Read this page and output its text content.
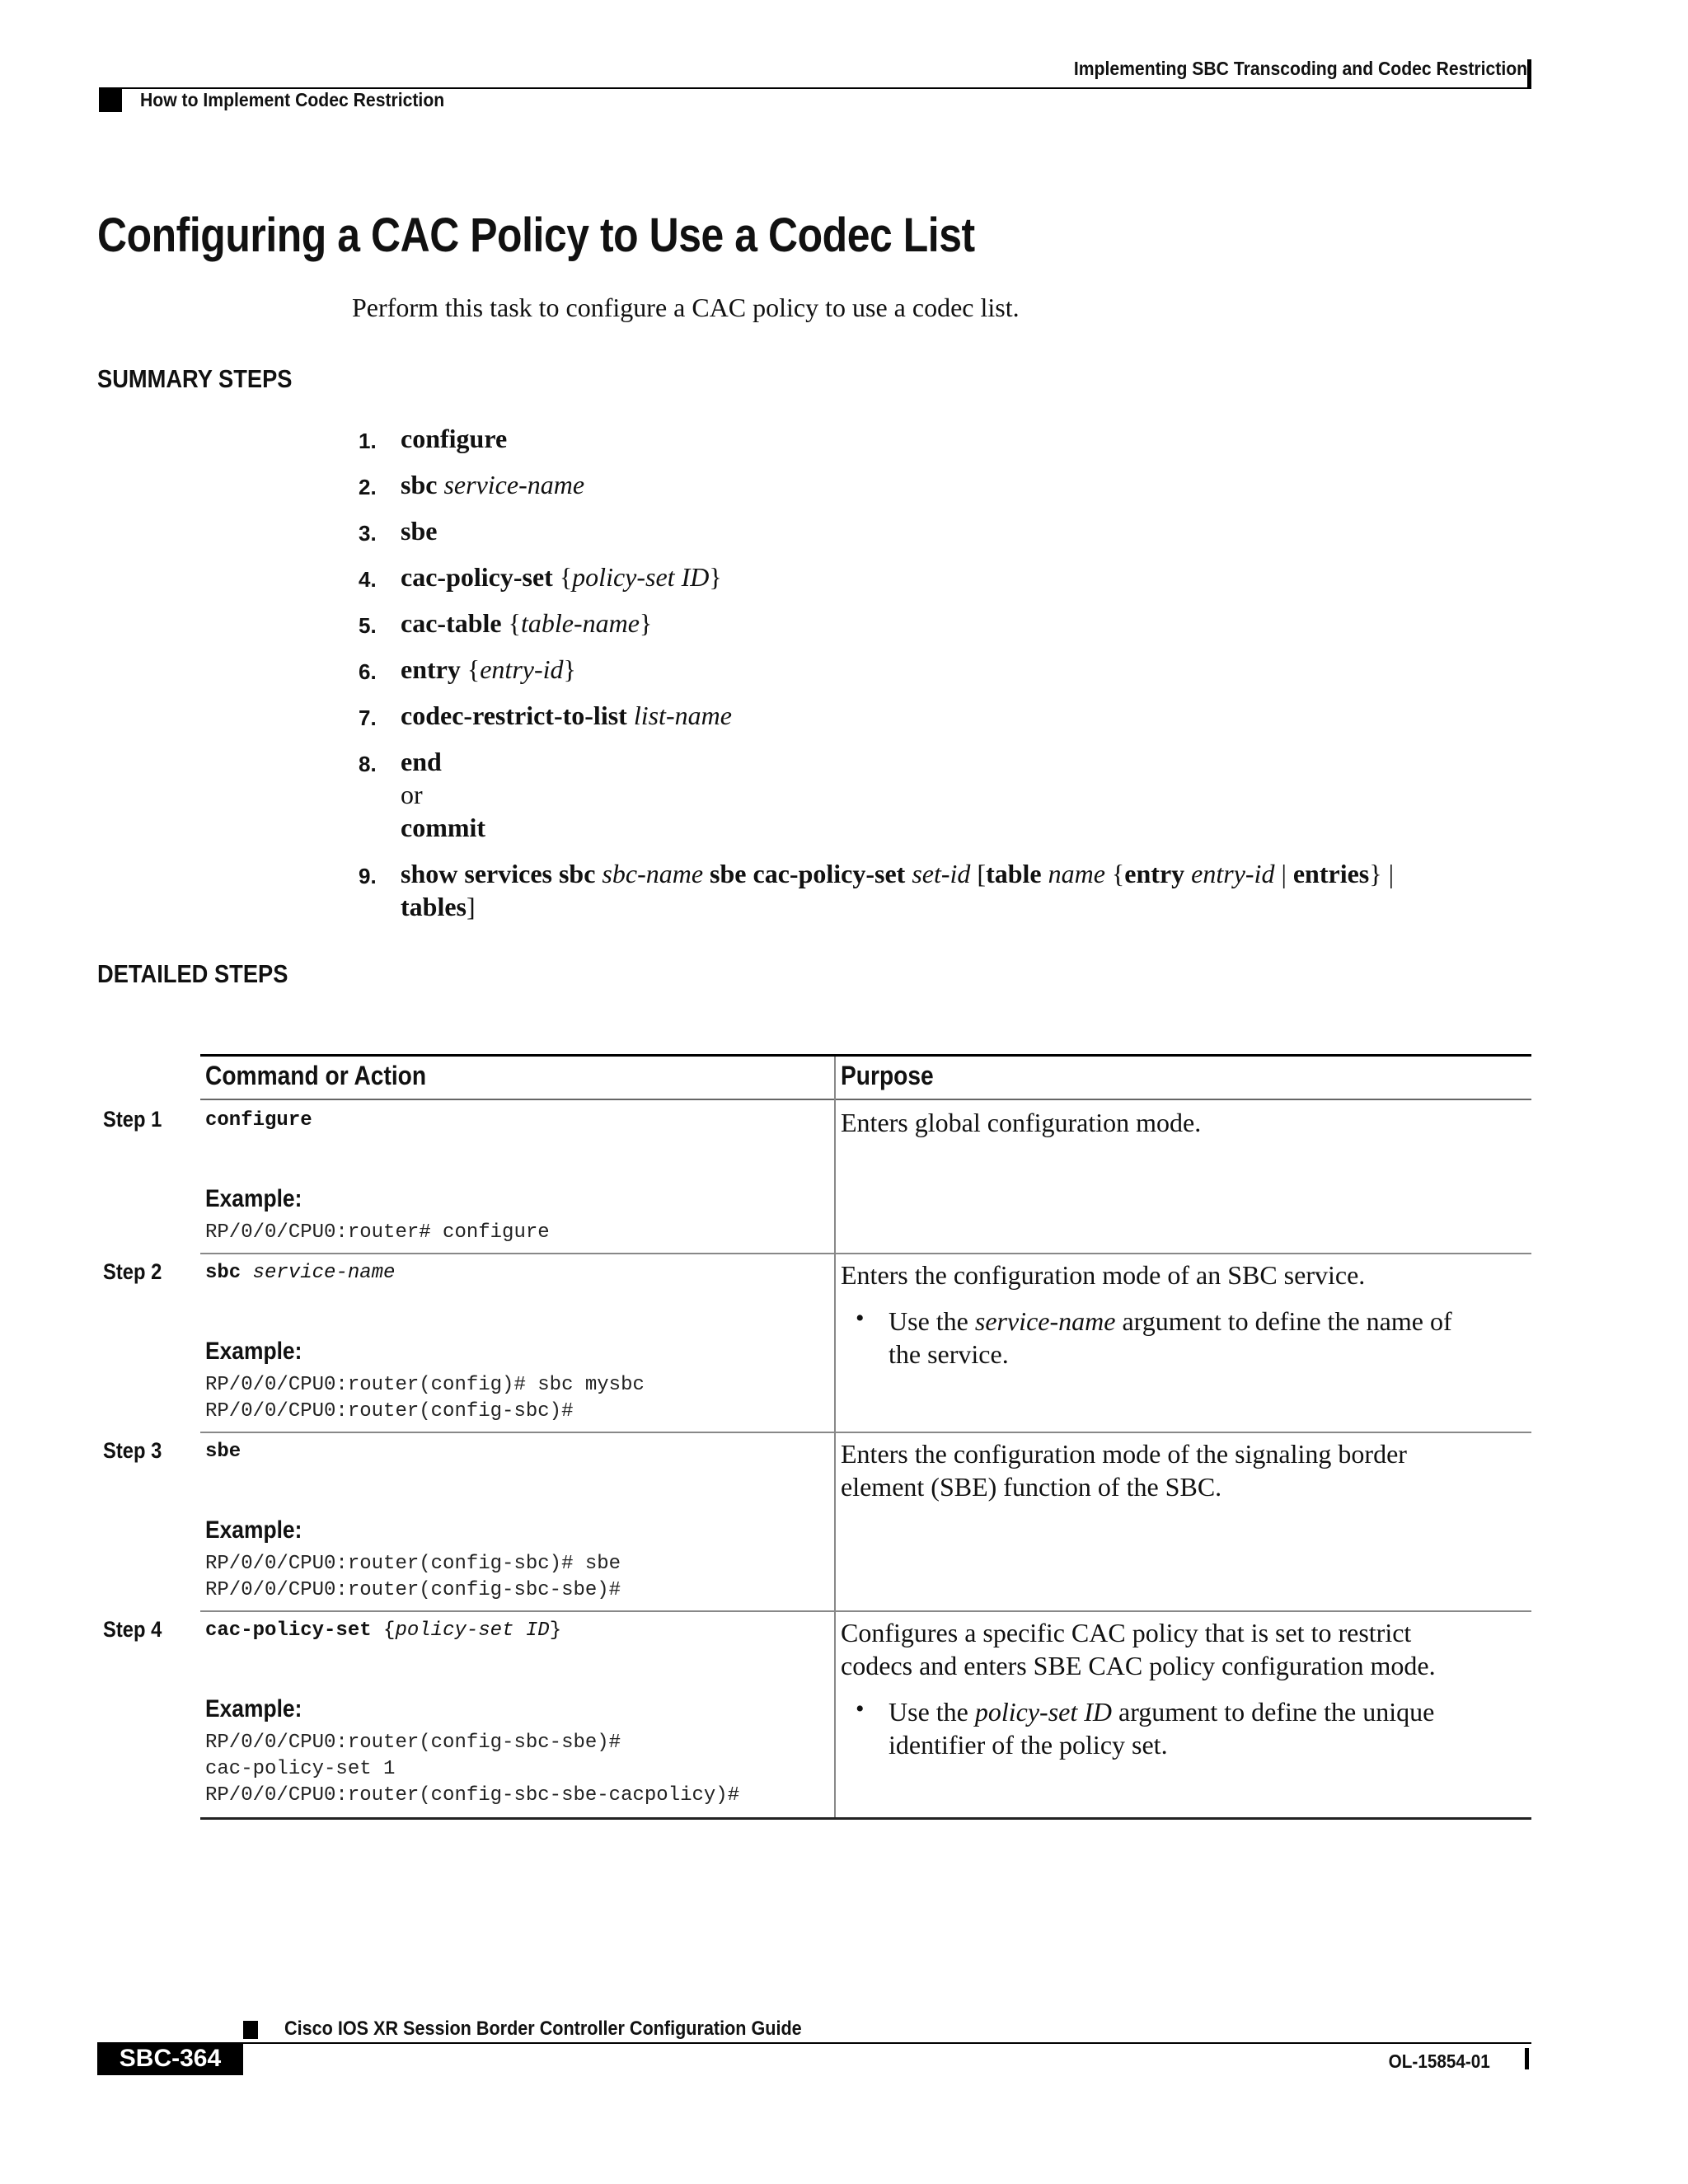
Implementing SBC Transcoding and Codec Restriction
How to Implement Codec Restriction
Configuring a CAC Policy to Use a Codec List
Perform this task to configure a CAC policy to use a codec list.
SUMMARY STEPS
1. configure
2. sbc service-name
3. sbe
4. cac-policy-set {policy-set ID}
5. cac-table {table-name}
6. entry {entry-id}
7. codec-restrict-to-list list-name
8. end
or
commit
9. show services sbc sbc-name sbe cac-policy-set set-id [table name {entry entry-id | entries} |
tables]
DETAILED STEPS
Command or Action	Purpose
Step 1 configure
Example:
RP/0/0/CPU0:router# configure
Enters global configuration mode.
Step 2 sbc service-name
Example:
RP/0/0/CPU0:router(config)# sbc mysbc
RP/0/0/CPU0:router(config-sbc)#
Enters the configuration mode of an SBC service.
• Use the service-name argument to define the name of
the service.
Step 3 sbe
Example:
RP/0/0/CPU0:router(config-sbc)# sbe
RP/0/0/CPU0:router(config-sbc-sbe)#
Enters the configuration mode of the signaling border
element (SBE) function of the SBC.
Step 4 cac-policy-set {policy-set ID}
Example:
RP/0/0/CPU0:router(config-sbc-sbe)#
cac-policy-set 1
RP/0/0/CPU0:router(config-sbc-sbe-cacpolicy)#
Configures a specific CAC policy that is set to restrict
codecs and enters SBE CAC policy configuration mode.
• Use the policy-set ID argument to define the unique
identifier of the policy set.
Cisco IOS XR Session Border Controller Configuration Guide
SBC-364	OL-15854-01
